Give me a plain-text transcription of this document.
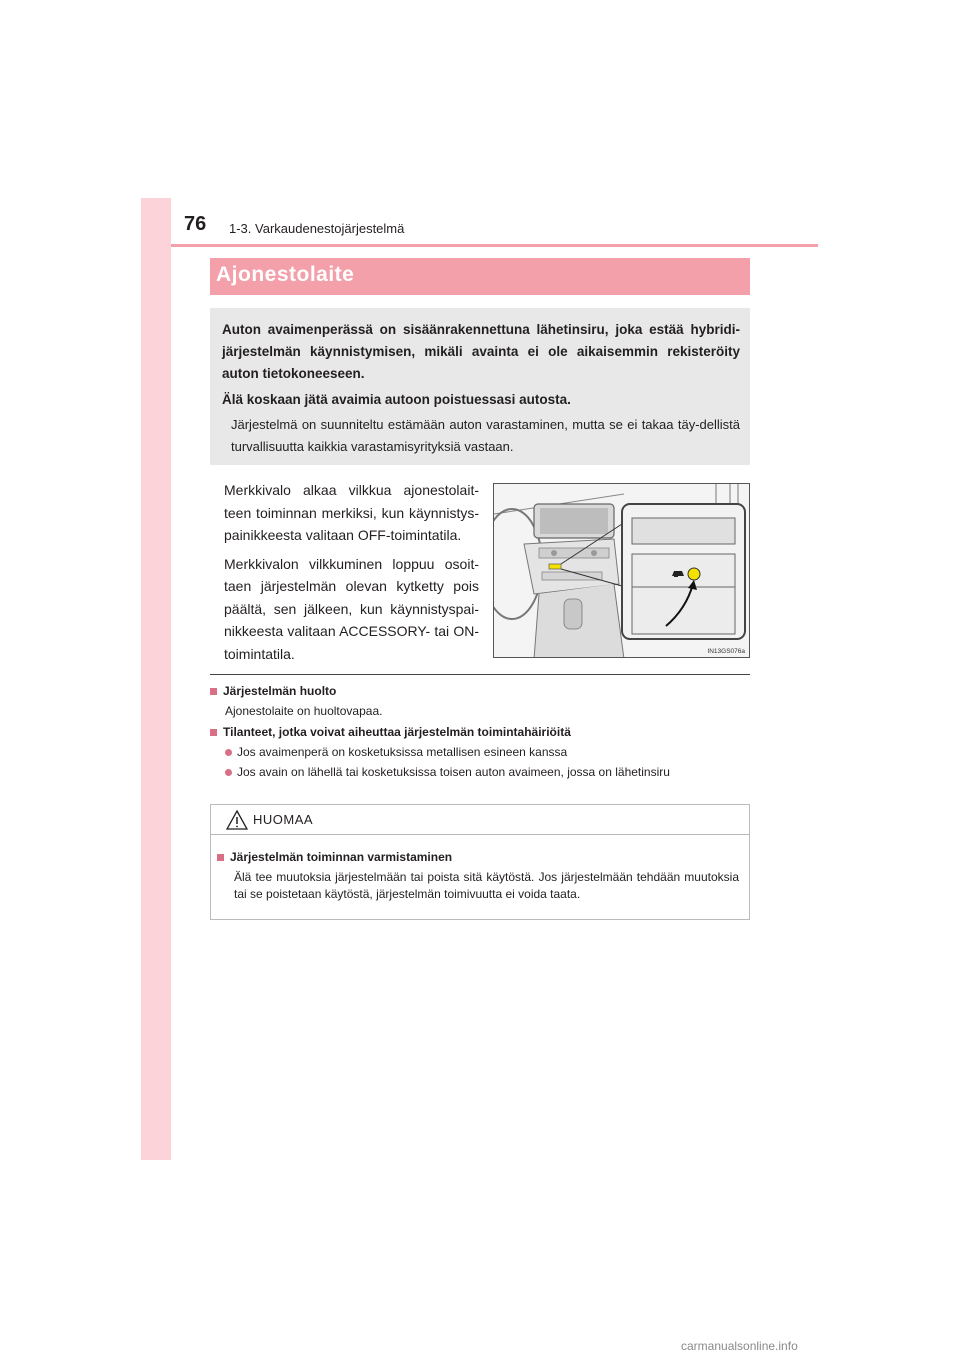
76 1-3. Varkaudenestojärjestelmä
Ajonestolaite

Auton avaimenperässä on sisäänrakennettuna lähetinsiru, joka estää hybridi-järjestelmän käynnistymisen, mikäli avainta ei ole aikaisemmin rekisteröity auton tietokoneeseen.

Älä koskaan jätä avaimia autoon poistuessasi autosta.

Järjestelmä on suunniteltu estämään auton varastaminen, mutta se ei takaa täy-dellistä turvallisuutta kaikkia varastamisyrityksiä vastaan.

Merkkivalo alkaa vilkkua ajonestolait-teen toiminnan merkiksi, kun käynnistys-painikkeesta valitaan OFF-toimintatila.

Merkkivalon vilkkuminen loppuu osoit-taen järjestelmän olevan kytketty pois päältä, sen jälkeen, kun käynnistyspai-nikkeesta valitaan ACCESSORY- tai ON-toimintatila.	IN13GS076a

Järjestelmän huolto

Ajonestolaite on huoltovapaa.

Tilanteet, jotka voivat aiheuttaa järjestelmän toimintahäiriöitä

Jos avaimenperä on kosketuksissa metallisen esineen kanssa

Jos avain on lähellä tai kosketuksissa toisen auton avaimeen, jossa on lähetinsiru

HUOMAA

Järjestelmän toiminnan varmistaminen

Älä tee muutoksia järjestelmään tai poista sitä käytöstä. Jos järjestelmään tehdään muutoksia tai se poistetaan käytöstä, järjestelmän toimivuutta ei voida taata.

carmanualsonline.info
